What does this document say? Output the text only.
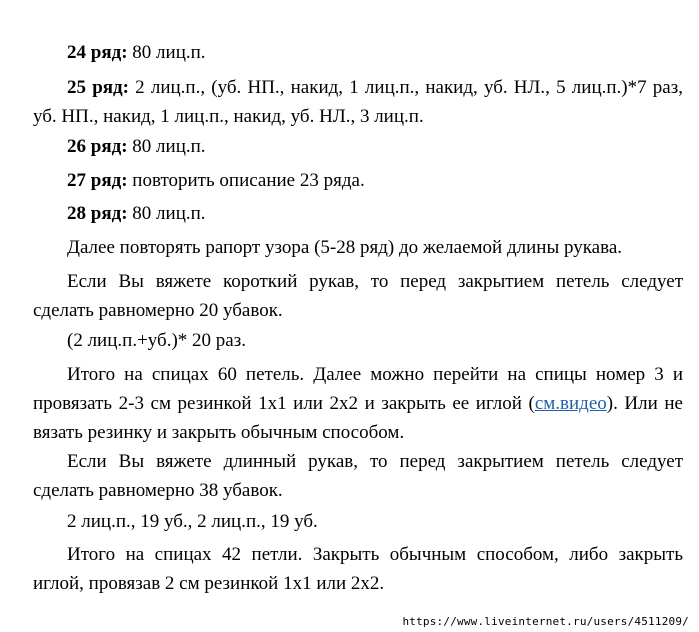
24 ряд: 80 лиц.п.

25 ряд: 2 лиц.п., (уб. НП., накид, 1 лиц.п., накид, уб. НЛ., 5 лиц.п.)*7 раз, уб. НП., накид, 1 лиц.п., накид, уб. НЛ., 3 лиц.п.

26 ряд: 80 лиц.п.

27 ряд: повторить описание 23 ряда.

28 ряд: 80 лиц.п.

Далее повторять рапорт узора (5-28 ряд) до желаемой длины рукава.

Если Вы вяжете короткий рукав, то перед закрытием петель следует сделать равномерно 20 убавок.

(2 лиц.п.+уб.)* 20 раз.

Итого на спицах 60 петель. Далее можно перейти на спицы номер 3 и провязать 2-3 см резинкой 1х1 или 2х2 и закрыть ее иглой (см.видео). Или не вязать резинку и закрыть обычным способом.

Если Вы вяжете длинный рукав, то перед закрытием петель следует сделать равномерно 38 убавок.

2 лиц.п., 19 уб., 2 лиц.п., 19 уб.

Итого на спицах 42 петли. Закрыть обычным способом, либо закрыть иглой, провязав 2 см резинкой 1х1 или 2х2.

https://www.liveinternet.ru/users/4511209/
